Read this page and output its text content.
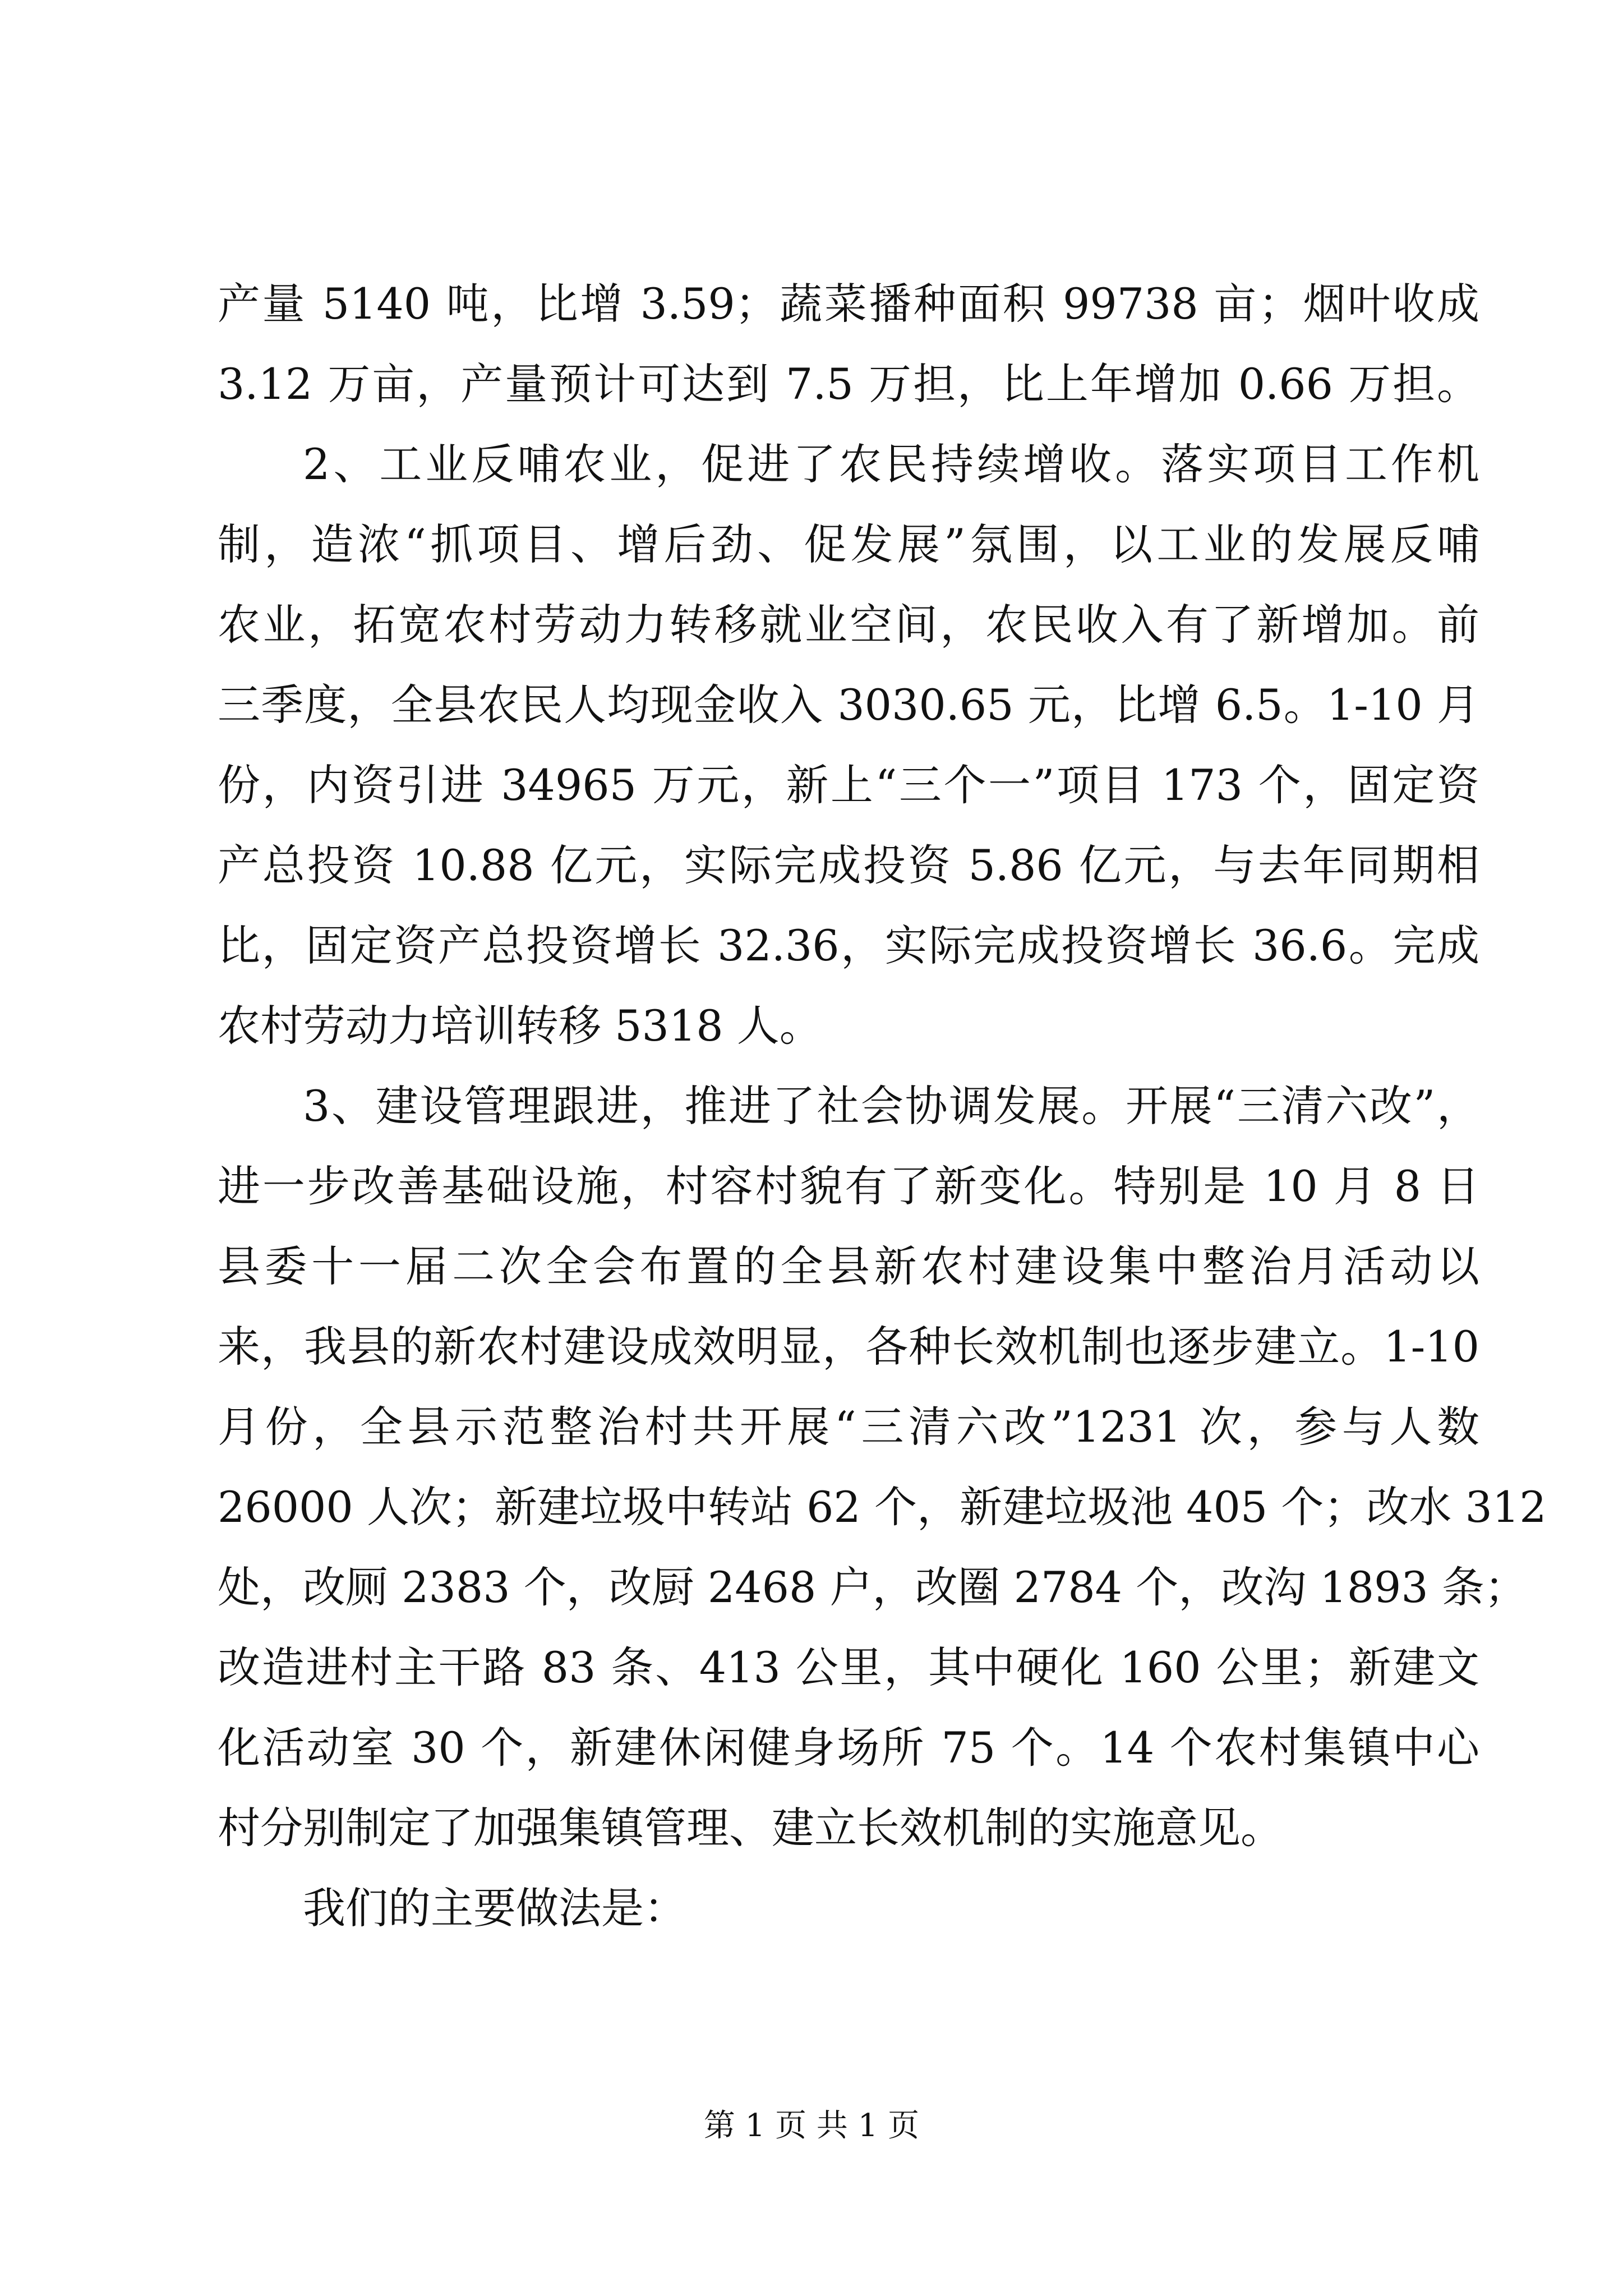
产量 5140 吨，比增 3.59；蔬菜播种面积 99738 亩；烟叶收成
3.12 万亩，产量预计可达到 7.5 万担，比上年增加 0.66 万担。
2、工业反哺农业，促进了农民持续增收。落实项目工作机
制，造浓“抓项目、增后劲、促发展”氛围，以工业的发展反哺
农业，拓宽农村劳动力转移就业空间，农民收入有了新增加。前
三季度，全县农民人均现金收入 3030.65 元，比增 6.5。1-10 月
份，内资引进 34965 万元，新上“三个一”项目 173 个，固定资
产总投资 10.88 亿元，实际完成投资 5.86 亿元，与去年同期相
比，固定资产总投资增长 32.36，实际完成投资增长 36.6。完成
农村劳动力培训转移 5318 人。
3、建设管理跟进，推进了社会协调发展。开展“三清六改”，
进一步改善基础设施，村容村貌有了新变化。特别是 10 月 8 日
县委十一届二次全会布置的全县新农村建设集中整治月活动以
来，我县的新农村建设成效明显，各种长效机制也逐步建立。1-10
月份，全县示范整治村共开展“三清六改”1231 次，参与人数
26000 人次；新建垃圾中转站 62 个，新建垃圾池 405 个；改水 312
处，改厕 2383 个，改厨 2468 户，改圈 2784 个，改沟 1893 条；
改造进村主干路 83 条、413 公里，其中硬化 160 公里；新建文
化活动室 30 个，新建休闲健身场所 75 个。14 个农村集镇中心
村分别制定了加强集镇管理、建立长效机制的实施意见。
我们的主要做法是：
第 1 页 共 1 页
